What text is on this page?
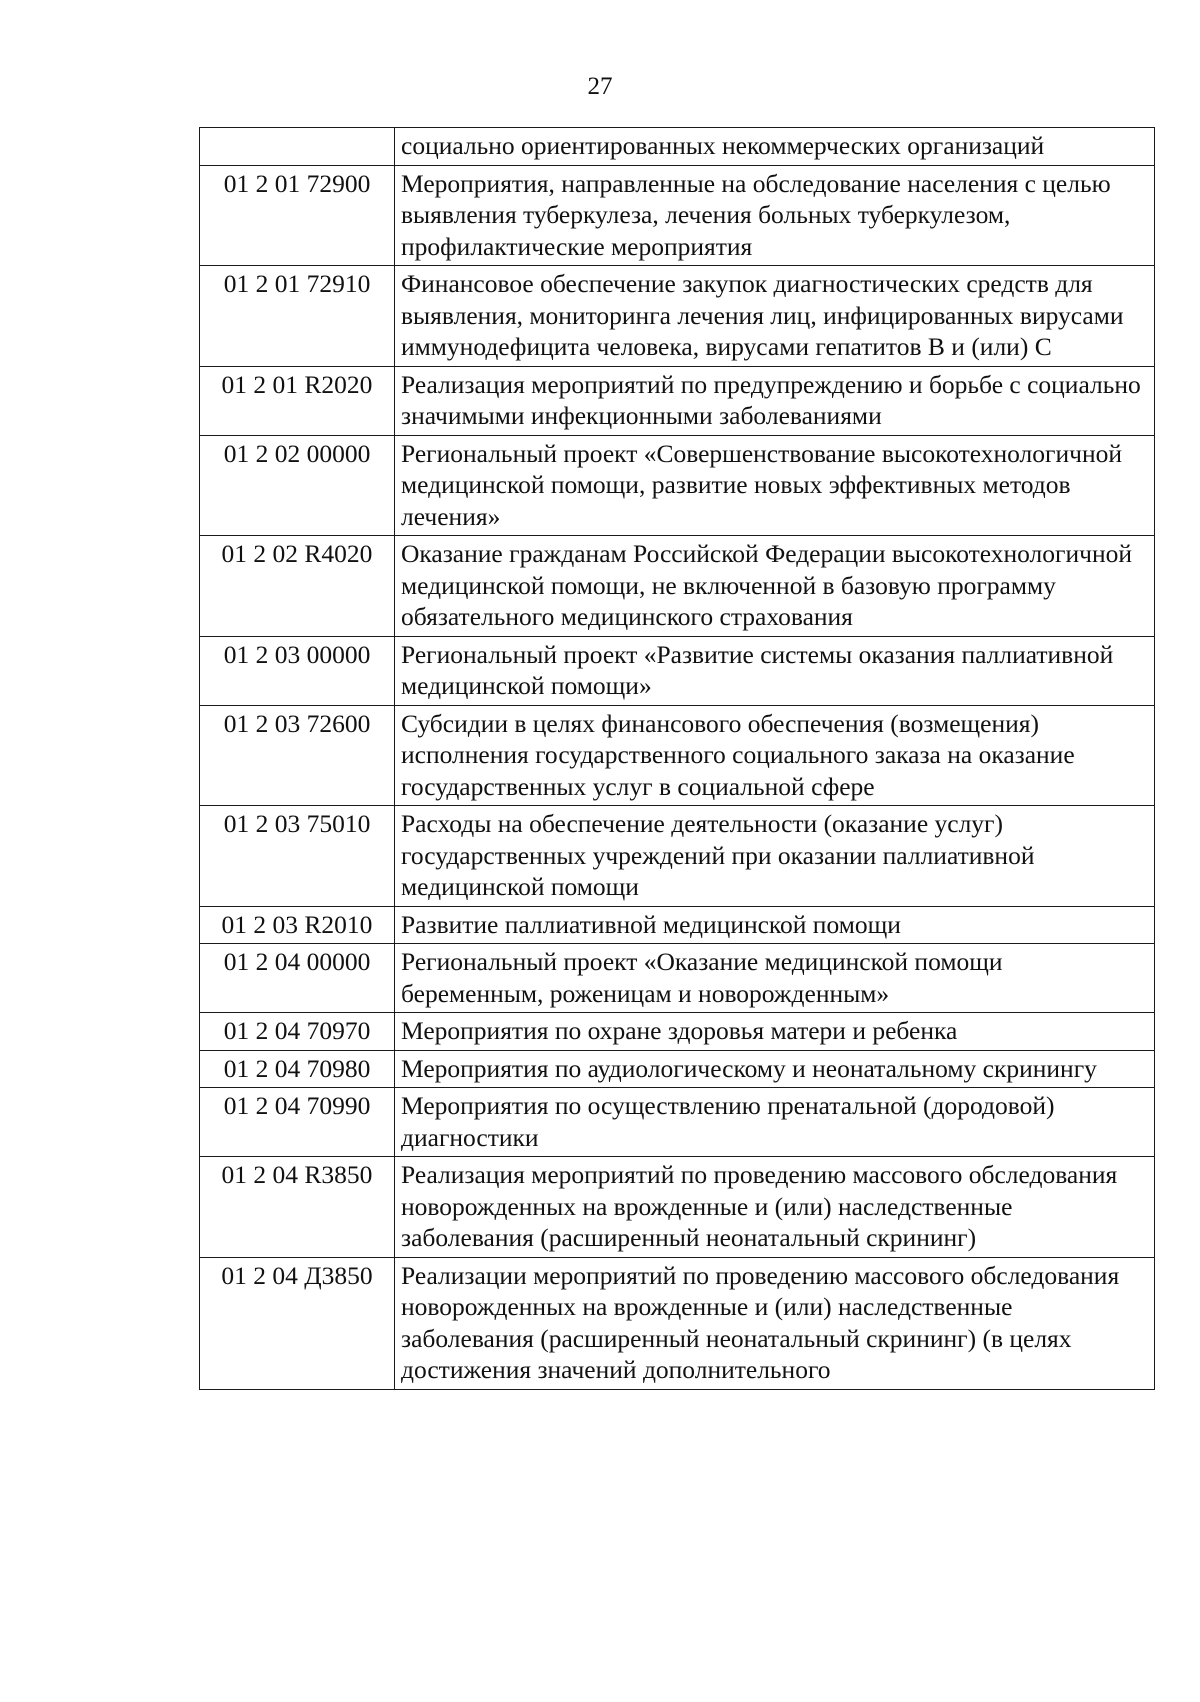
27
	социально ориентированных некоммерческих организаций
01 2 01 72900	Мероприятия, направленные на обследование населения с целью выявления туберкулеза, лечения больных туберкулезом, профилактические мероприятия
01 2 01 72910	Финансовое обеспечение закупок диагностических средств для выявления, мониторинга лечения лиц, инфицированных вирусами иммунодефицита человека, вирусами гепатитов В и (или) С
01 2 01 R2020	Реализация мероприятий по предупреждению и борьбе с социально значимыми инфекционными заболеваниями
01 2 02 00000	Региональный проект «Совершенствование высокотехнологичной медицинской помощи, развитие новых эффективных методов лечения»
01 2 02 R4020	Оказание гражданам Российской Федерации высокотехнологичной медицинской помощи, не включенной в базовую программу обязательного медицинского страхования
01 2 03 00000	Региональный проект «Развитие системы оказания паллиативной медицинской помощи»
01 2 03 72600	Субсидии в целях финансового обеспечения (возмещения) исполнения государственного социального заказа на оказание государственных услуг в социальной сфере
01 2 03 75010	Расходы на обеспечение деятельности (оказание услуг) государственных учреждений при оказании паллиативной медицинской помощи
01 2 03 R2010	Развитие паллиативной медицинской помощи
01 2 04 00000	Региональный проект «Оказание медицинской помощи беременным, роженицам и новорожденным»
01 2 04 70970	Мероприятия по охране здоровья матери и ребенка
01 2 04 70980	Мероприятия по аудиологическому и неонатальному скринингу
01 2 04 70990	Мероприятия по осуществлению пренатальной (дородовой) диагностики
01 2 04 R3850	Реализация мероприятий по проведению массового обследования новорожденных на врожденные и (или) наследственные заболевания (расширенный неонатальный скрининг)
01 2 04 Д3850	Реализации мероприятий по проведению массового обследования новорожденных на врожденные и (или) наследственные заболевания (расширенный неонатальный скрининг) (в целях достижения значений дополнительного
